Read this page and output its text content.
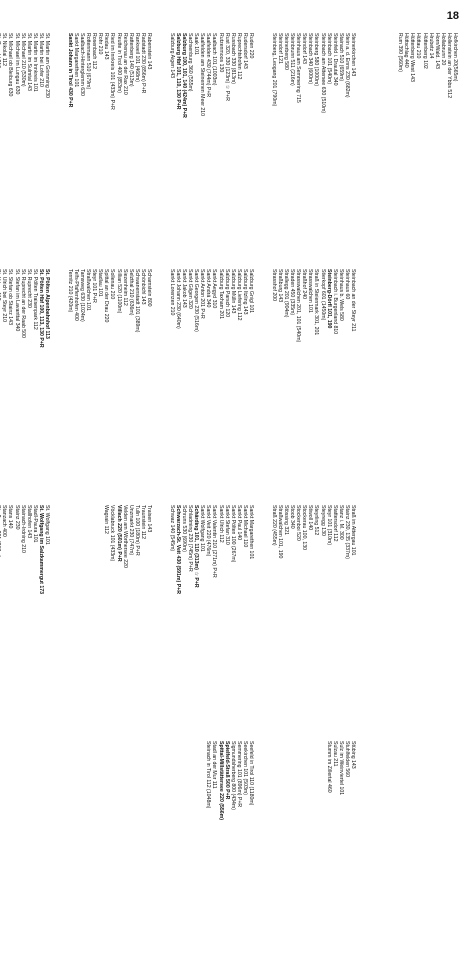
18
Hofkirchen 20(565m)
Hollenstein an der Ybbs 512
Hollabrunn 20
Horn/Wald. 143
Hrubetz 14
Hüttenberg 102
Hüttau 210
Hüttenberg West 143
Hüttschlag 440
Rum 390 (560m)
Steinerkirchen 143
Stein a. d. Enns 230 (682m)
Stainach 510 (659m)
Steinfeld i. Drautal 340
Steinbach 101 (540m)
Steinbach am Attersee 630 (510m)
Steinberg 580 (1000m)
Steinbach 340 (600m)
Steindorf 143
Steinhaus am Semmering 715
Steinbrunn 511 (216m)
Steinerberg 580
Steindorf 121
Steinberg, Leogang 201 (790m)
Steinbach an der Steyr 211
Steinhaus 60
Steinhaus b. Wels 580
Steinbach i. Burgenland 810
Steinberg-Dörfl 101, 190
Stierkopf 601 (1450m)
Straß in Steiermark 301, 201
Strasswalchen 101
Straßhof 240
Strasswalchen 201, 101 (540m)
Straden 450 (335m)
Strallegg 201 (904m)
Straßburg 143
Strasshof 200
Straß im Attergau 101
Stainz 230, 135 (337m)
Stanz i. M. 300
Stattersdorf 112
Steyr 101 (310m)
Steyregg 130
Steyrling 512
Stiwoll 140
Stockerau 100, 130
Stockenboi 520
Stoob 340
Stössing 321
Straßwalchen 101, 190
Straß 220 (455m)
Stübing 143
Stuhlfelden 560
Sulz im Weinviertel 101
Sulzau 211
Stumm im Zillertal 460
Ruden 220
Rudersdorf 143
Ruprechtshofen 112
Russbach 330 (813m)
Rust 320, 330 (123m) ☆ P+R
Rutzenmoos 130
Saalbach 101 (1003m)
Saalfelden 430 (744m) P+R
Saalfelden am Steinernen Meer 210
Saak 101
Sachsenburg 360 (555m)
Salzburg 100, 101, 140 (424m) P+R
Salzburg Hbf 101, 110, 130 P+R
Salzburg Aigen 143
Salzburg Gnigl 101
Salzburg Itzling 143
Salzburg Liefering 112
Salzburg Mülln 143
Salzburg Parsch 120
Salzburg Taxham 201
Sankt Aegyd 310
Sankt Andrä 340
Sankt Anton 201 P+R
Sankt Georgen 230 (516m)
Sankt Gilgen 320
Sankt Jakob 143
Sankt Johann 230 (640m)
Sankt Lorenzen 210
Sankt Margarethen 101
Sankt Michael 110
Sankt Paul 140
Sankt Pölten 100 (267m)
Sankt Stefan 310
Sankt Ulrich 112
Sankt Valentin 210 (271m) P+R
Sankt Veit 220 (476m)
Sankt Wolfgang 101
Schärding 101, 110 (313m) ☆ P+R
Schladming 230 (745m) P+R
Schruns 530 (690m)
Schwarzach-St. Veit 430 (591m) P+R
Schwaz 140 (545m)
Seefeld in Tirol 110 (1180m)
Seekirchen 101 (503m)
Semmering 101 (896m) P+R
Sigmundsherberg 800 (434m)
Spielfeld-Straß 500 P+R
Spittal-Millstättersee 220 (556m)
Stadl an der Mur 111
Steinach in Tirol 112 (1048m)
Rabenstein 143
Radstadt 230 (856m) P+R
Rankweil 101 (468m)
Rattenberg 140 (513m)
Reichenau an der Rax 210
Reutte in Tirol 400 (853m)
Ried im Innkreis 101 (433m) P+R
Riedau 143
Rohr 210
Rosenbach 112
Rottenmann 510 (679m)
Saalbach-Hinterglemm 630
Sankt Margarethen 101
Sankt Johann in Tirol 430 P+R
Scharnstein 800
Schönbichl 143
Schwanenstadt 101 (389m)
Selzthal 210 (636m)
Siezenheim 112
Sillian 520 (1100m)
Sollenau 210
Spittal an der Drau 220
Stadlau 101
Steyr 101 P+R
Straßwalchen 101
Tamsweg 630 (1024m)
Telfs-Pfaffenhofen 400
Ternitz 210 (420m)
Traisen 143
Traunstein 112
Tulln 100 (180m) P+R
Unzmarkt 230 (747m)
Velden am Wörthersee 220
Villach 220 (501m) P+R
Vöcklabruck 101 (433m)
Wagrain 112
St. Martin am Grimming 230
St. Martin bei Lofer 210
St. Martin im Innkreis 101
St. Martin im Sulmtal 143
St. Michael 210 (530m)
St. Michael im Lungau 630
St. Michael ob Bleiburg 630
St. Nikolai 112
St. Pölten Alpenbahnhof 113
St. Pölten Hbf 100, 113, 130 P+R
St. Pölten Traisenpark 112
St. Ruprecht 230
St. Ruprecht an der Raab 500
St. Stefan im Lavanttal 340
St. Stefan ob Stainz 143
St. Ulrich bei Steyr 210
St. Wolfgang 101
St. Wolfgang im Salzkammergut 173
Stadl-Paura 101
Stallhofen 143
Stainach-Irdning 210
Stainz 230
Stans 140
Stanzach 400
